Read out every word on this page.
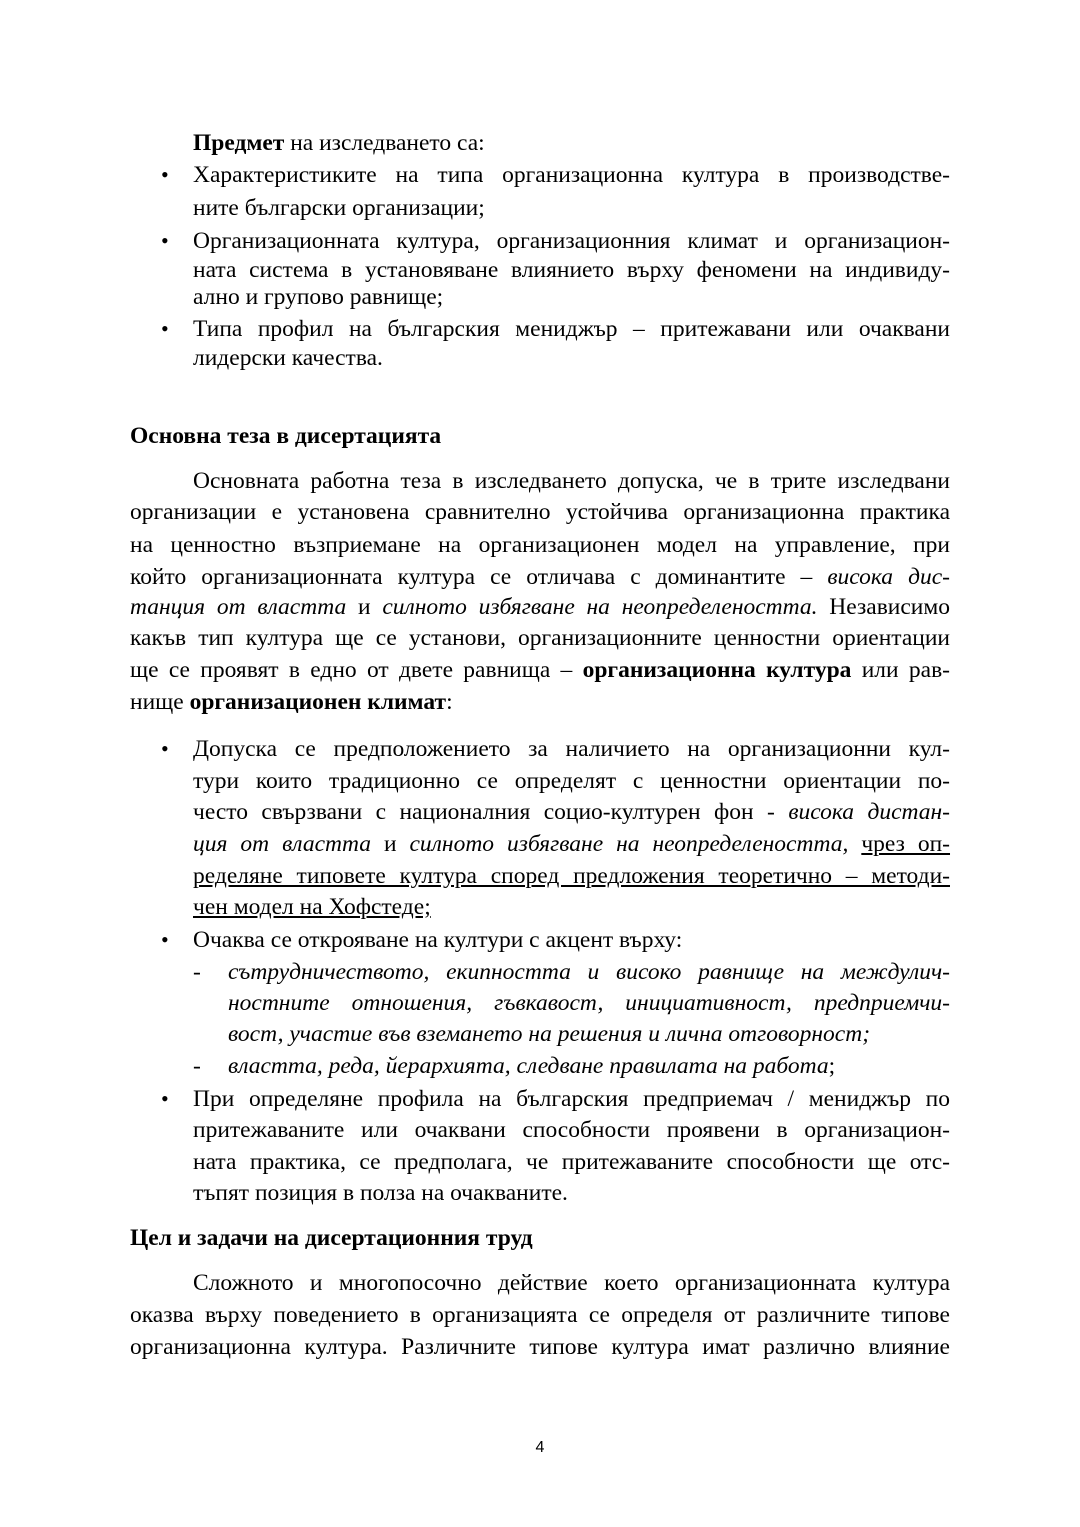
Предмет на изследването са:
• Характеристиките на типа организационна култура в производстве-
ните български организации;
• Организационната култура, организационния климат и организацион-
ната система в установяване влиянието върху феномени на индивиду-
ално и групово равнище;
• Типа профил на българския мениджър – притежавани или очаквани
лидерски качества.
Основна теза в дисертацията
Основната работна теза в изследването допуска, че в трите изследвани
организации е установена сравнително устойчива организационна практика
на ценностно възприемане на организационен модел на управление, при
който организационната култура се отличава с доминантите – висока дис-
танция от властта и силното избягване на неопределеността. Независимо
какъв тип култура ще се установи, организационните ценностни ориентации
ще се проявят в едно от двете равнища – организационна култура или рав-
нище организационен климат:
• Допуска се предположението за наличието на организационни кул-
тури които традиционно се определят с ценностни ориентации по-
често свързвани с националния социо-културен фон - висока дистан-
ция от властта и силното избягване на неопределеността, чрез оп-
ределяне типовете култура според предложения теоретично – методи-
чен модел на Хофстеде;
• Очаква се открояване на култури с акцент върху:
- сътрудничеството, екипността и високо равнище на междулич-
ностните отношения, гъвкавост, инициативност, предприемчи-
вост, участие във вземането на решения и лична отговорност;
- властта, реда, йерархията, следване правилата на работа;
• При определяне профила на българския предприемач / мениджър по
притежаваните или очаквани способности проявени в организацион-
ната практика, се предполага, че притежаваните способности ще отс-
тъпят позиция в полза на очакваните.
Цел и задачи на дисертационния труд
Сложното и многопосочно действие което организационната култура
оказва върху поведението в организацията се определя от различните типове
организационна култура. Различните типове култура имат различно влияние
4
